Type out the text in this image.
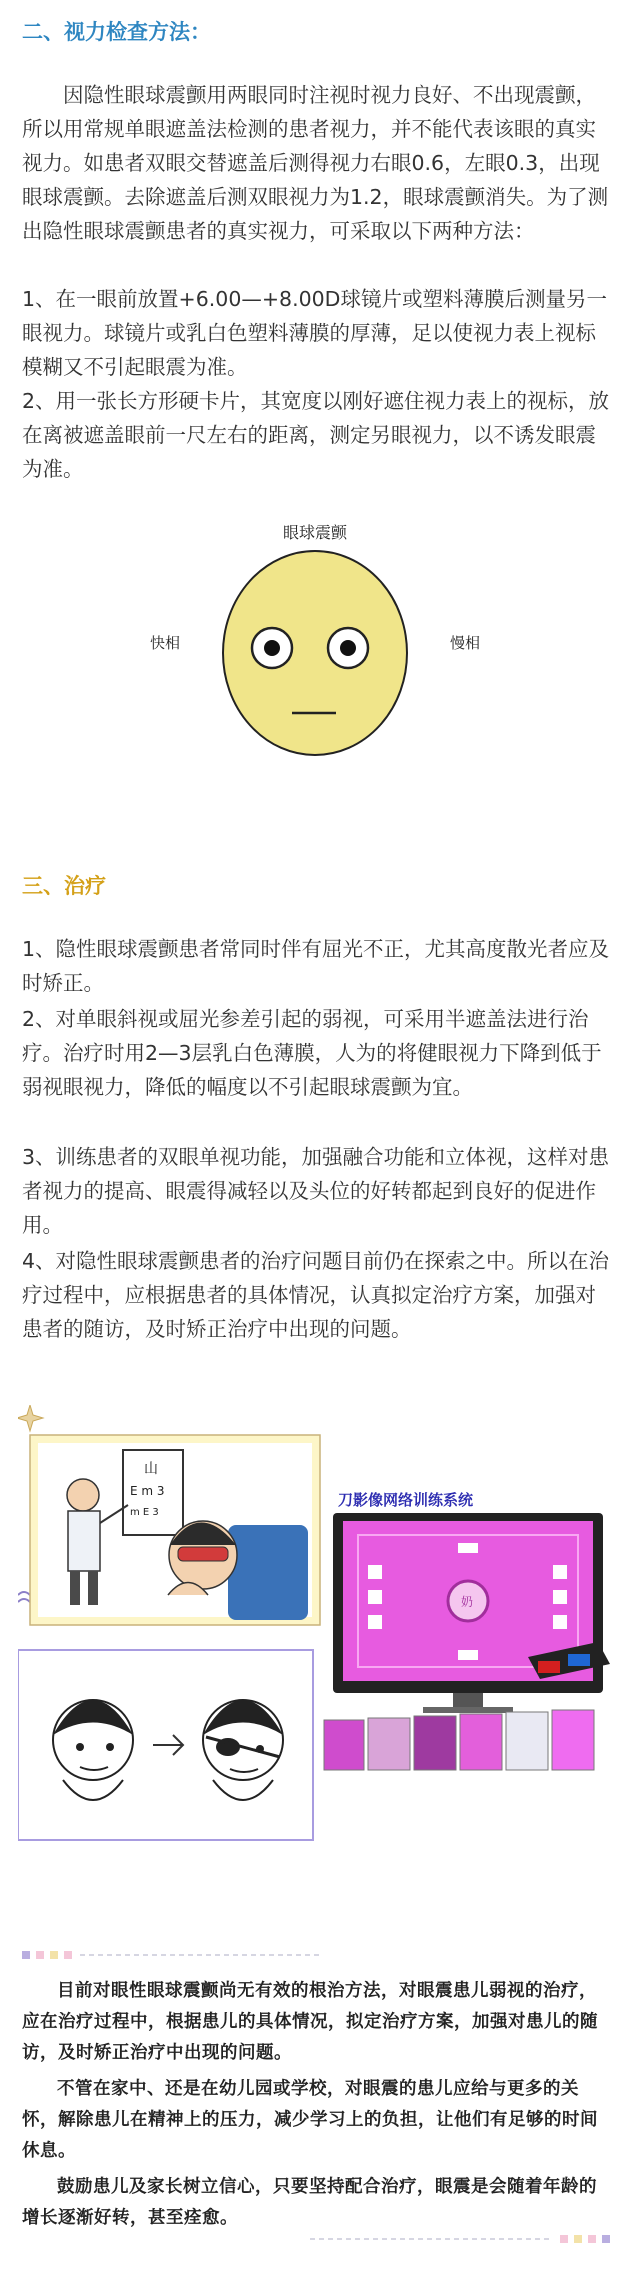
二、视力检查方法：

因隐性眼球震颤用两眼同时注视时视力良好、不出现震颤，所以用常规单眼遮盖法检测的患者视力，并不能代表该眼的真实视力。如患者双眼交替遮盖后测得视力右眼0.6，左眼0.3，出现眼球震颤。去除遮盖后测双眼视力为1.2，眼球震颤消失。为了测出隐性眼球震颤患者的真实视力，可采取以下两种方法：

1、在一眼前放置+6.00—+8.00D球镜片或塑料薄膜后测量另一眼视力。球镜片或乳白色塑料薄膜的厚薄，足以使视力表上视标模糊又不引起眼震为准。

2、用一张长方形硬卡片，其宽度以刚好遮住视力表上的视标，放在离被遮盖眼前一尺左右的距离，测定另眼视力，以不诱发眼震为准。

眼球震颤
快相	慢相
三、治疗

1、隐性眼球震颤患者常同时伴有屈光不正，尤其高度散光者应及时矫正。

2、对单眼斜视或屈光参差引起的弱视，可采用半遮盖法进行治疗。治疗时用2—3层乳白色薄膜，人为的将健眼视力下降到低于弱视眼视力，降低的幅度以不引起眼球震颤为宜。

3、训练患者的双眼单视功能，加强融合功能和立体视，这样对患者视力的提高、眼震得减轻以及头位的好转都起到良好的促进作用。

4、对隐性眼球震颤患者的治疗问题目前仍在探索之中。所以在治疗过程中，应根据患者的具体情况，认真拟定治疗方案，加强对患者的随访，及时矫正治疗中出现的问题。

山
E m 3
m E 3
刀影像网络训练系统
奶

目前对眼性眼球震颤尚无有效的根治方法，对眼震患儿弱视的治疗，应在治疗过程中，根据患儿的具体情况，拟定治疗方案，加强对患儿的随访，及时矫正治疗中出现的问题。

不管在家中、还是在幼儿园或学校，对眼震的患儿应给与更多的关怀，解除患儿在精神上的压力，减少学习上的负担，让他们有足够的时间休息。

鼓励患儿及家长树立信心，只要坚持配合治疗，眼震是会随着年龄的增长逐渐好转，甚至痊愈。
